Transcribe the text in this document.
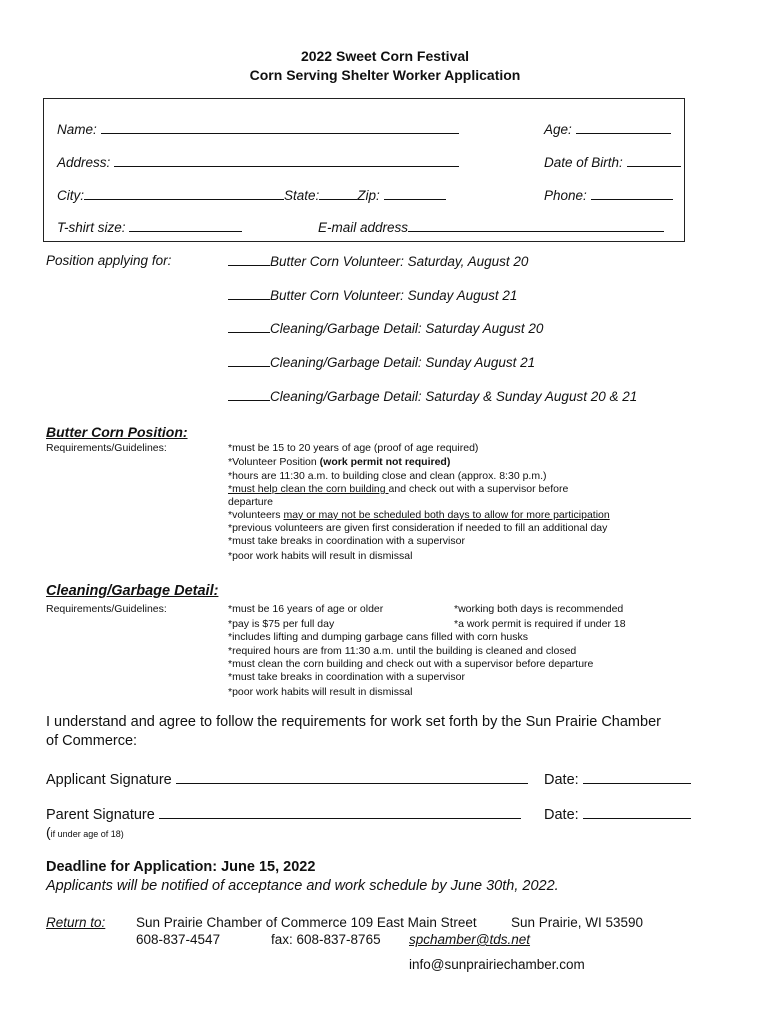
2022 Sweet Corn Festival
Corn Serving Shelter Worker Application
Name:	Age:
Address:	Date of Birth:
City:	State:	Zip:	Phone:
T-shirt size:	E-mail address
Position applying for:	Butter Corn Volunteer: Saturday, August 20
Butter Corn Volunteer: Sunday August 21
Cleaning/Garbage Detail: Saturday August 20
Cleaning/Garbage Detail: Sunday August 21
Cleaning/Garbage Detail: Saturday & Sunday August 20 & 21
Butter Corn Position:
Requirements/Guidelines:	*must be 15 to 20 years of age (proof of age required)
*Volunteer Position (work permit not required)
*hours are 11:30 a.m. to building close and clean (approx. 8:30 p.m.)
*must help clean the corn building and check out with a supervisor before
departure
*volunteers may or may not be scheduled both days to allow for more participation
*previous volunteers are given first consideration if needed to fill an additional day
*must take breaks in coordination with a supervisor
*poor work habits will result in dismissal
Cleaning/Garbage Detail:
Requirements/Guidelines:	*must be 16 years of age or older	*working both days is recommended
*pay is $75 per full day	*a work permit is required if under 18
*includes lifting and dumping garbage cans filled with corn husks
*required hours are from 11:30 a.m. until the building is cleaned and closed
*must clean the corn building and check out with a supervisor before departure
*must take breaks in coordination with a supervisor
*poor work habits will result in dismissal
I understand and agree to follow the requirements for work set forth by the Sun Prairie Chamber
of Commerce:
Applicant Signature	Date:
Parent Signature	Date:
(if under age of 18)
Deadline for Application: June 15, 2022
Applicants will be notified of acceptance and work schedule by June 30th, 2022.
Return to: Sun Prairie Chamber of Commerce 109 East Main Street	Sun Prairie, WI 53590
608-837-4547	fax: 608-837-8765 spchamber@tds.net
info@sunprairiechamber.com
